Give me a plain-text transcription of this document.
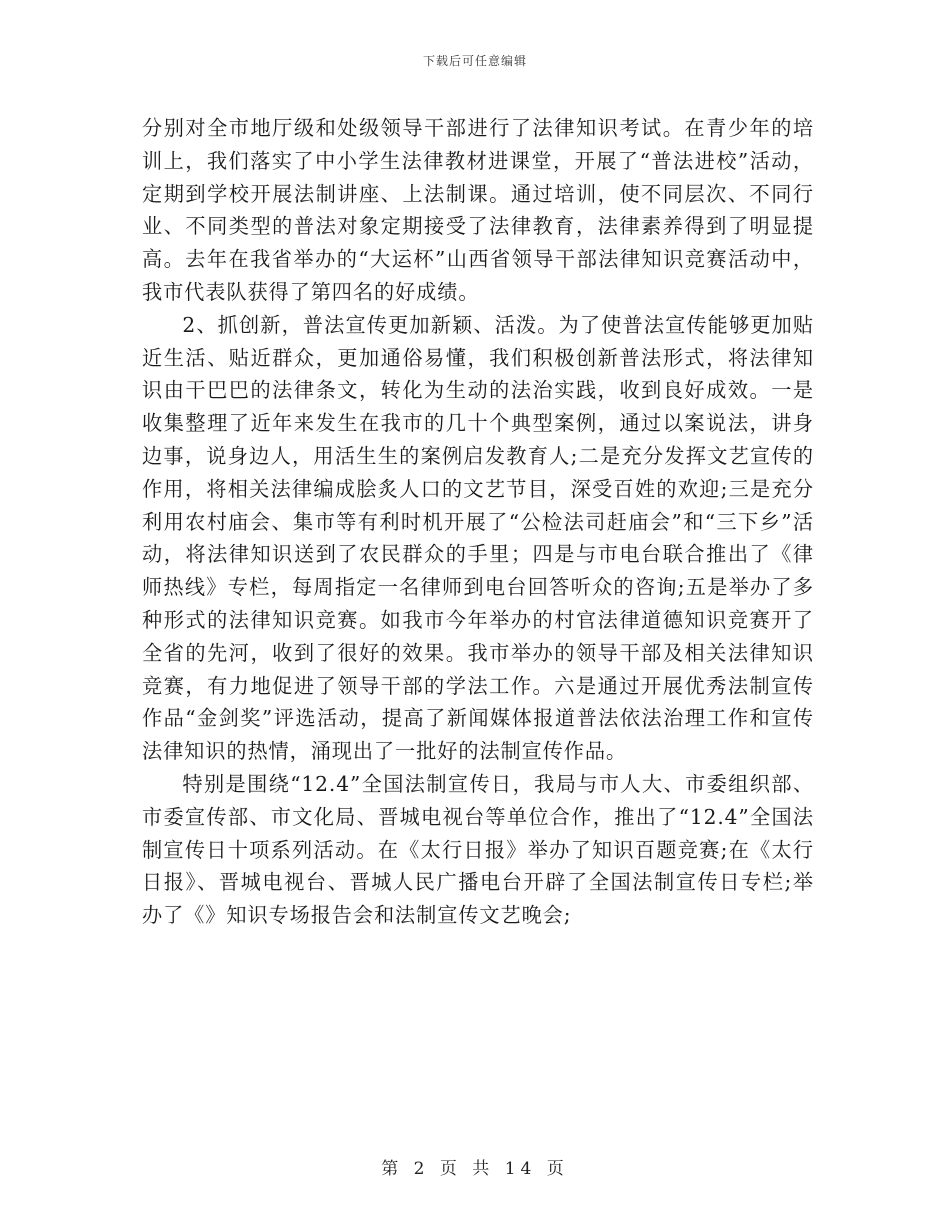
下载后可任意编辑

分别对全市地厅级和处级领导干部进行了法律知识考试。在青少年的培训上，我们落实了中小学生法律教材进课堂，开展了“普法进校”活动，定期到学校开展法制讲座、上法制课。通过培训，使不同层次、不同行业、不同类型的普法对象定期接受了法律教育，法律素养得到了明显提高。去年在我省举办的“大运杯”山西省领导干部法律知识竞赛活动中，我市代表队获得了第四名的好成绩。

2、抓创新，普法宣传更加新颖、活泼。为了使普法宣传能够更加贴近生活、贴近群众，更加通俗易懂，我们积极创新普法形式，将法律知识由干巴巴的法律条文，转化为生动的法治实践，收到良好成效。一是收集整理了近年来发生在我市的几十个典型案例，通过以案说法，讲身边事，说身边人，用活生生的案例启发教育人;二是充分发挥文艺宣传的作用，将相关法律编成脍炙人口的文艺节目，深受百姓的欢迎;三是充分利用农村庙会、集市等有利时机开展了“公检法司赶庙会”和“三下乡”活动，将法律知识送到了农民群众的手里；四是与市电台联合推出了《律师热线》专栏，每周指定一名律师到电台回答听众的咨询;五是举办了多种形式的法律知识竞赛。如我市今年举办的村官法律道德知识竞赛开了全省的先河，收到了很好的效果。我市举办的领导干部及相关法律知识竞赛，有力地促进了领导干部的学法工作。六是通过开展优秀法制宣传作品“金剑奖”评选活动，提高了新闻媒体报道普法依法治理工作和宣传法律知识的热情，涌现出了一批好的法制宣传作品。

特别是围绕“12.4”全国法制宣传日，我局与市人大、市委组织部、市委宣传部、市文化局、晋城电视台等单位合作，推出了“12.4”全国法制宣传日十项系列活动。在《太行日报》举办了知识百题竞赛;在《太行日报》、晋城电视台、晋城人民广播电台开辟了全国法制宣传日专栏;举办了《》知识专场报告会和法制宣传文艺晚会;

第 2 页 共 14 页
